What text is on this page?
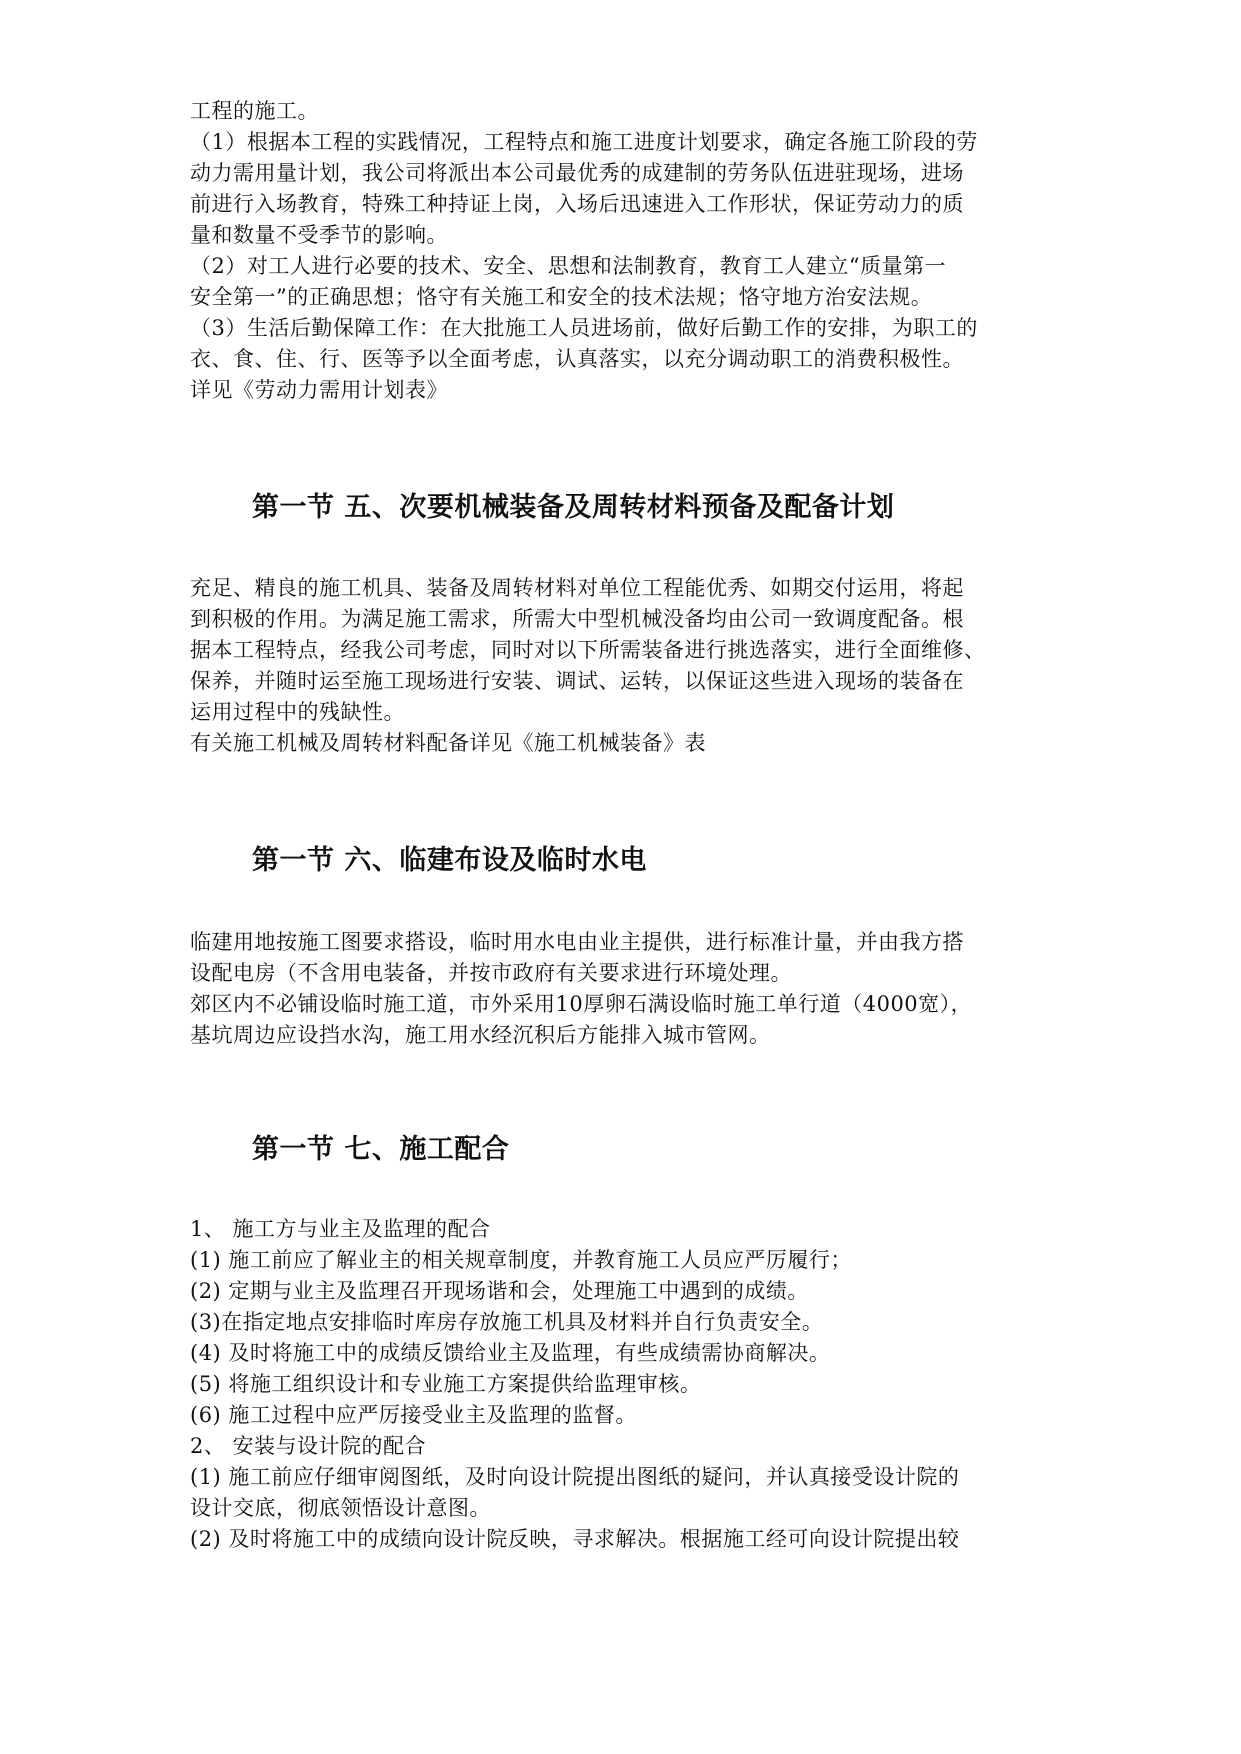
工程的施工。
（1）根据本工程的实践情况，工程特点和施工进度计划要求，确定各施工阶段的劳
动力需用量计划，我公司将派出本公司最优秀的成建制的劳务队伍进驻现场，进场
前进行入场教育，特殊工种持证上岗，入场后迅速进入工作形状，保证劳动力的质
量和数量不受季节的影响。
（2）对工人进行必要的技术、安全、思想和法制教育，教育工人建立“质量第一
安全第一”的正确思想；恪守有关施工和安全的技术法规；恪守地方治安法规。
（3）生活后勤保障工作：在大批施工人员进场前，做好后勤工作的安排，为职工的
衣、食、住、行、医等予以全面考虑，认真落实，以充分调动职工的消费积极性。
详见《劳动力需用计划表》
第一节 五、次要机械装备及周转材料预备及配备计划
充足、精良的施工机具、装备及周转材料对单位工程能优秀、如期交付运用，将起
到积极的作用。为满足施工需求，所需大中型机械没备均由公司一致调度配备。根
据本工程特点，经我公司考虑，同时对以下所需装备进行挑选落实，进行全面维修、
保养，并随时运至施工现场进行安装、调试、运转，以保证这些进入现场的装备在
运用过程中的残缺性。
有关施工机械及周转材料配备详见《施工机械装备》表
第一节 六、临建布设及临时水电
临建用地按施工图要求搭设，临时用水电由业主提供，进行标准计量，并由我方搭
设配电房（不含用电装备，并按市政府有关要求进行环境处理。
郊区内不必铺设临时施工道，市外采用10厚卵石满设临时施工单行道（4000宽），
基坑周边应设挡水沟，施工用水经沉积后方能排入城市管网。
第一节 七、施工配合
1、 施工方与业主及监理的配合
(1) 施工前应了解业主的相关规章制度，并教育施工人员应严厉履行；
(2) 定期与业主及监理召开现场谐和会，处理施工中遇到的成绩。
(3)在指定地点安排临时库房存放施工机具及材料并自行负责安全。
(4) 及时将施工中的成绩反馈给业主及监理，有些成绩需协商解决。
(5) 将施工组织设计和专业施工方案提供给监理审核。
(6) 施工过程中应严厉接受业主及监理的监督。
2、 安装与设计院的配合
(1) 施工前应仔细审阅图纸，及时向设计院提出图纸的疑问，并认真接受设计院的
设计交底，彻底领悟设计意图。
(2) 及时将施工中的成绩向设计院反映，寻求解决。根据施工经可向设计院提出较
